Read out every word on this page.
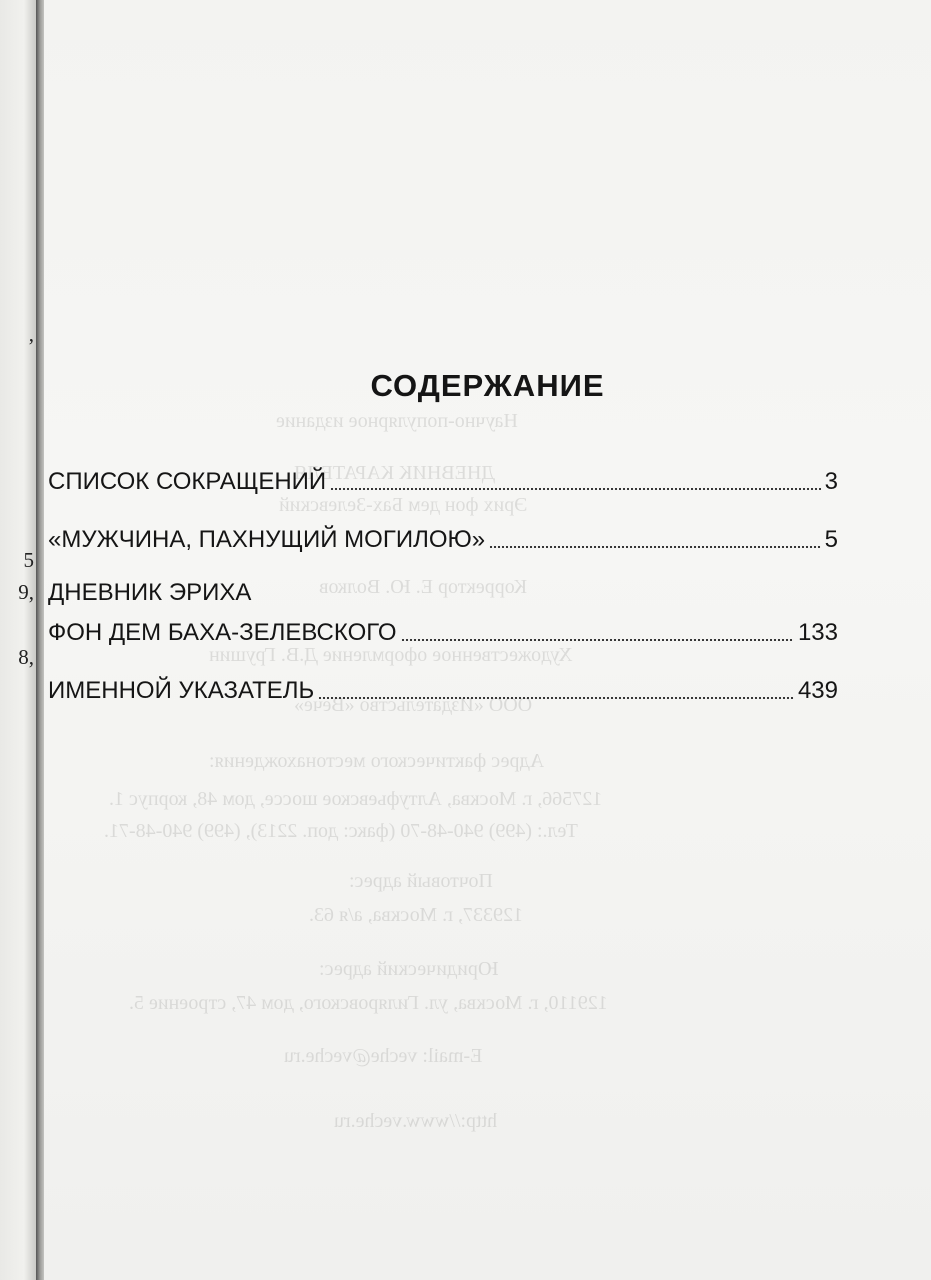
5
9,
8,
,
Научно-популярное издание
ДНЕВНИК КАРАТЕЛЯ
Эрих фон дем Бах-Зелевский
Корректор Е. Ю. Волков
Художественное оформление Д.В. Грушин
ООО «Издательство «Вече»
Адрес фактического местонахождения:
127566, г. Москва, Алтуфьевское шоссе, дом 48, корпус 1.
Тел.: (499) 940-48-70 (факс: доп. 2213), (499) 940-48-71.
Почтовый адрес:
129337, г. Москва, а/я 63.
Юридический адрес:
129110, г. Москва, ул. Гиляровского, дом 47, строение 5.
E-mail: veche@veche.ru
http://www.veche.ru
СОДЕРЖАНИЕ
СПИСОК СОКРАЩЕНИЙ	3
«МУЖЧИНА, ПАХНУЩИЙ МОГИЛОЮ»	5
ДНЕВНИК ЭРИХА
ФОН ДЕМ БАХА-ЗЕЛЕВСКОГО	133
ИМЕННОЙ УКАЗАТЕЛЬ	439
